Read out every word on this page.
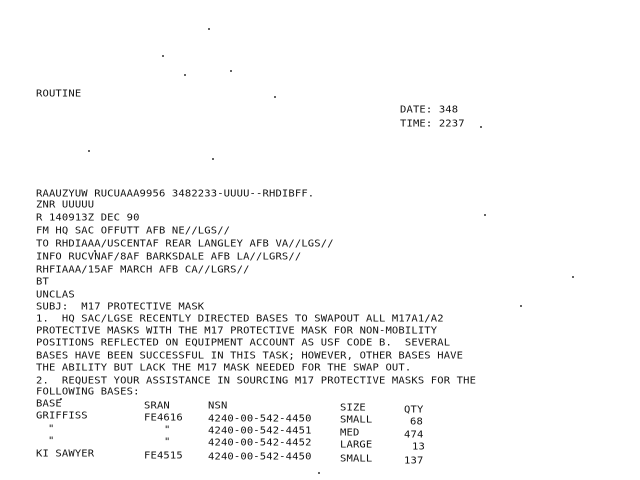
ROUTINE
DATE: 348
TIME: 2237
RAAUZYUW RUCUAAA9956 3482233-UUUU--RHDIBFF.
ZNR UUUUU
R 140913Z DEC 90
FM HQ SAC OFFUTT AFB NE//LGS//
TO RHDIAAA/USCENTAF REAR LANGLEY AFB VA//LGS//
INFO RUCVNAF/8AF BARKSDALE AFB LA//LGRS//
RHFIAAA/15AF MARCH AFB CA//LGRS//
BT
UNCLAS
SUBJ:  M17 PROTECTIVE MASK
1.  HQ SAC/LGSE RECENTLY DIRECTED BASES TO SWAPOUT ALL M17A1/A2
PROTECTIVE MASKS WITH THE M17 PROTECTIVE MASK FOR NON-MOBILITY
POSITIONS REFLECTED ON EQUIPMENT ACCOUNT AS USF CODE B.  SEVERAL
BASES HAVE BEEN SUCCESSFUL IN THIS TASK; HOWEVER, OTHER BASES HAVE
THE ABILITY BUT LACK THE M17 MASK NEEDED FOR THE SWAP OUT.
2.  REQUEST YOUR ASSISTANCE IN SOURCING M17 PROTECTIVE MASKS FOR THE
FOLLOWING BASES:
BASE	SRAN	NSN	SIZE	QTY
GRIFFISS	FE4616 4240-00-542-4450	SMALL	68
"	"	4240-00-542-4451	MED	474
"	"	4240-00-542-4452	LARGE	13
KI SAWYER	FE4515 4240-00-542-4450	SMALL	137
